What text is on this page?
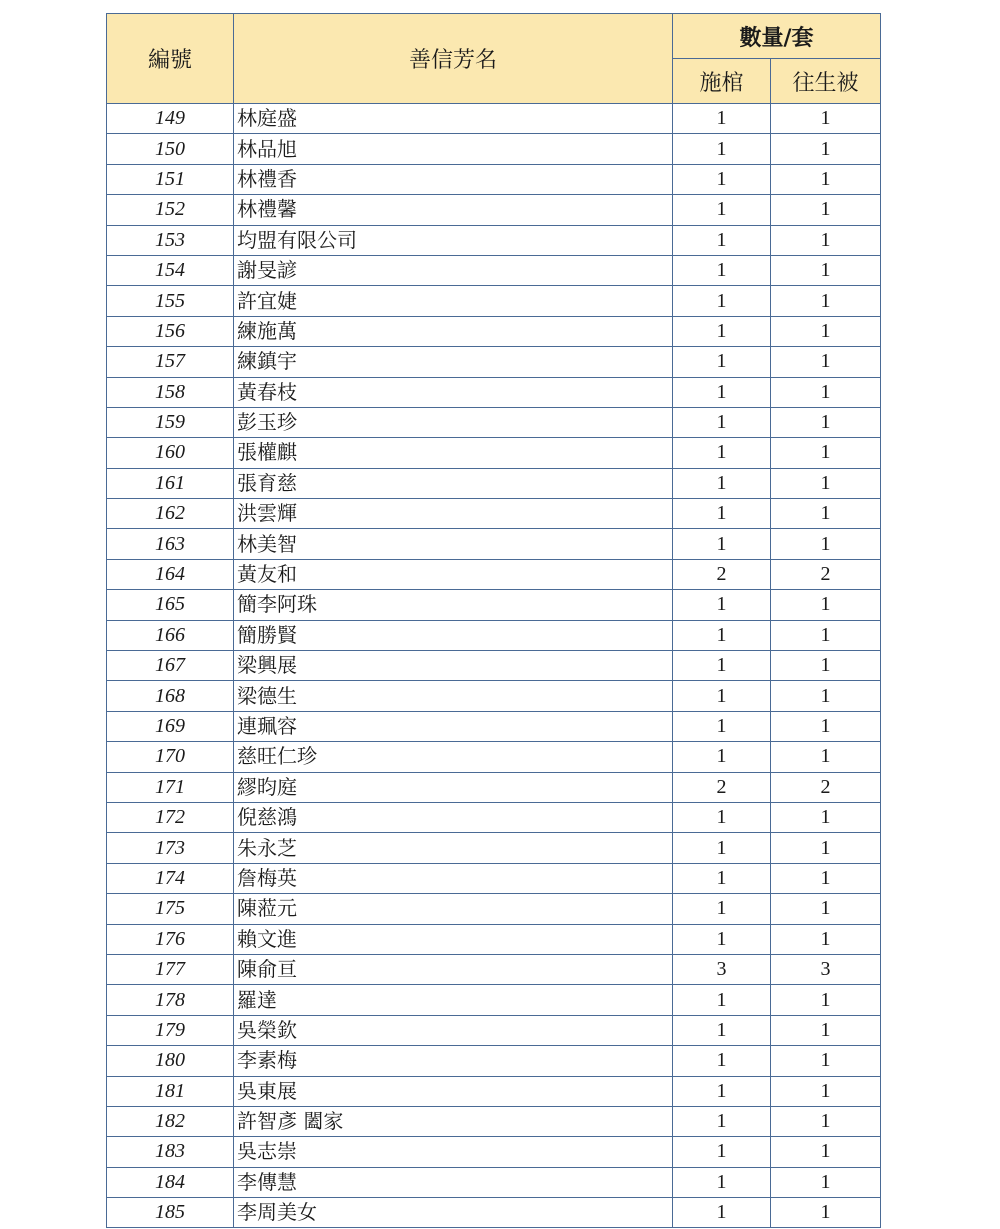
編號	善信芳名	數量/套	
		施棺	往生被
149	林庭盛	1	1
150	林品旭	1	1
151	林禮香	1	1
152	林禮馨	1	1
153	均盟有限公司	1	1
154	謝旻諺	1	1
155	許宜婕	1	1
156	練施萬	1	1
157	練鎮宇	1	1
158	黃春枝	1	1
159	彭玉珍	1	1
160	張權麒	1	1
161	張育慈	1	1
162	洪雲輝	1	1
163	林美智	1	1
164	黃友和	2	2
165	簡李阿珠	1	1
166	簡勝賢	1	1
167	梁興展	1	1
168	梁德生	1	1
169	連珮容	1	1
170	慈旺仁珍	1	1
171	繆昀庭	2	2
172	倪慈鴻	1	1
173	朱永芝	1	1
174	詹梅英	1	1
175	陳蒞元	1	1
176	賴文進	1	1
177	陳俞亘	3	3
178	羅達	1	1
179	吳榮欽	1	1
180	李素梅	1	1
181	吳東展	1	1
182	許智彥 闔家	1	1
183	吳志崇	1	1
184	李傳慧	1	1
185	李周美女	1	1
